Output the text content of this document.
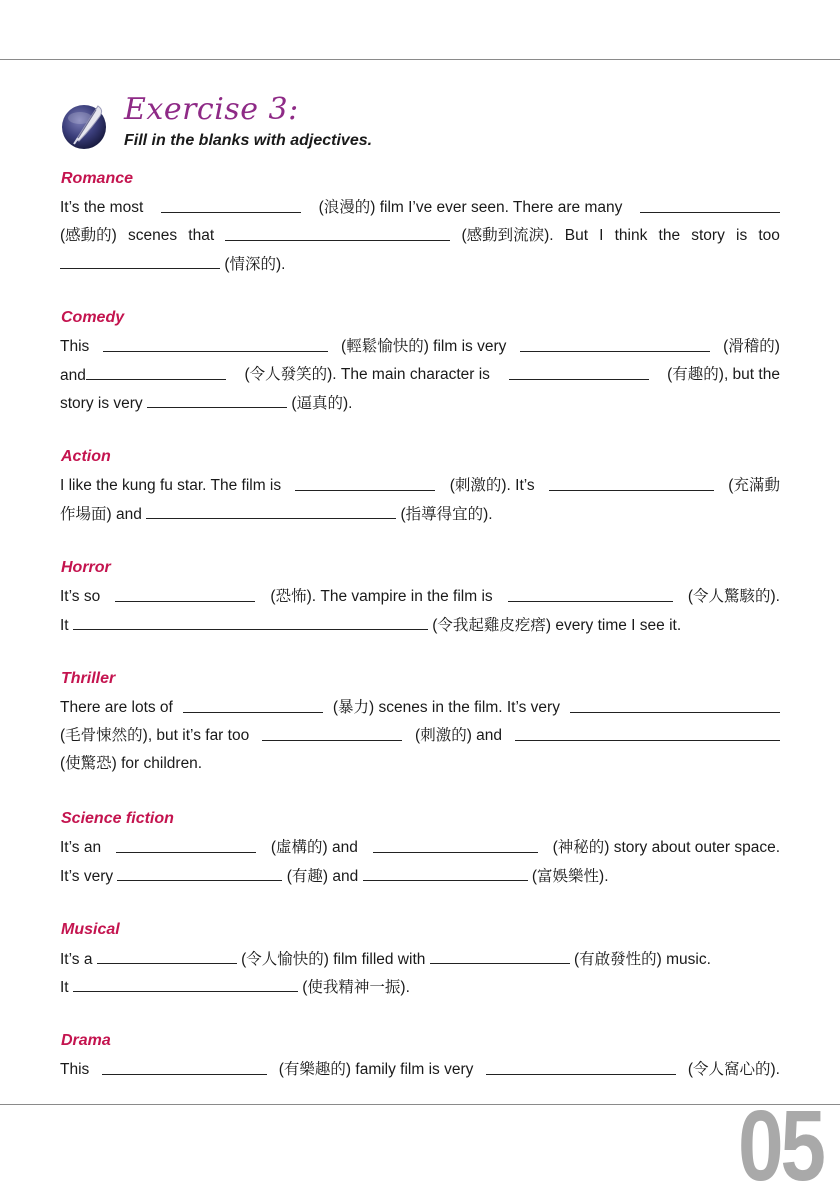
Exercise 3:
Fill in the blanks with adjectives.
Romance
It’s the most	(浪漫的) film I’ve ever seen. There are many
(感動的) scenes that	(感動到流淚). But I think the story is too
(情深的).
Comedy
This	(輕鬆愉快的) film is very	(滑稽的)
and	(令人發笑的). The main character is	(有趣的), but the
story is very	(逼真的).
Action
I like the kung fu star. The film is	(刺激的). It’s	(充滿動
作場面) and	(指導得宜的).
Horror
It’s so	(恐怖). The vampire in the film is	(令人驚駭的).
It	(令我起雞皮疙瘩) every time I see it.
Thriller
There are lots of	(暴力) scenes in the film. It’s very
(毛骨悚然的), but it’s far too	(刺激的) and
(使驚恐) for children.
Science fiction
It’s an	(虛構的) and	(神秘的) story about outer space.
It’s very	(有趣) and	(富娛樂性).
Musical
It’s a	(令人愉快的) film filled with	(有啟發性的) music.
It	(使我精神一振).
Drama
This	(有樂趣的) family film is very	(令人窩心的).
05
